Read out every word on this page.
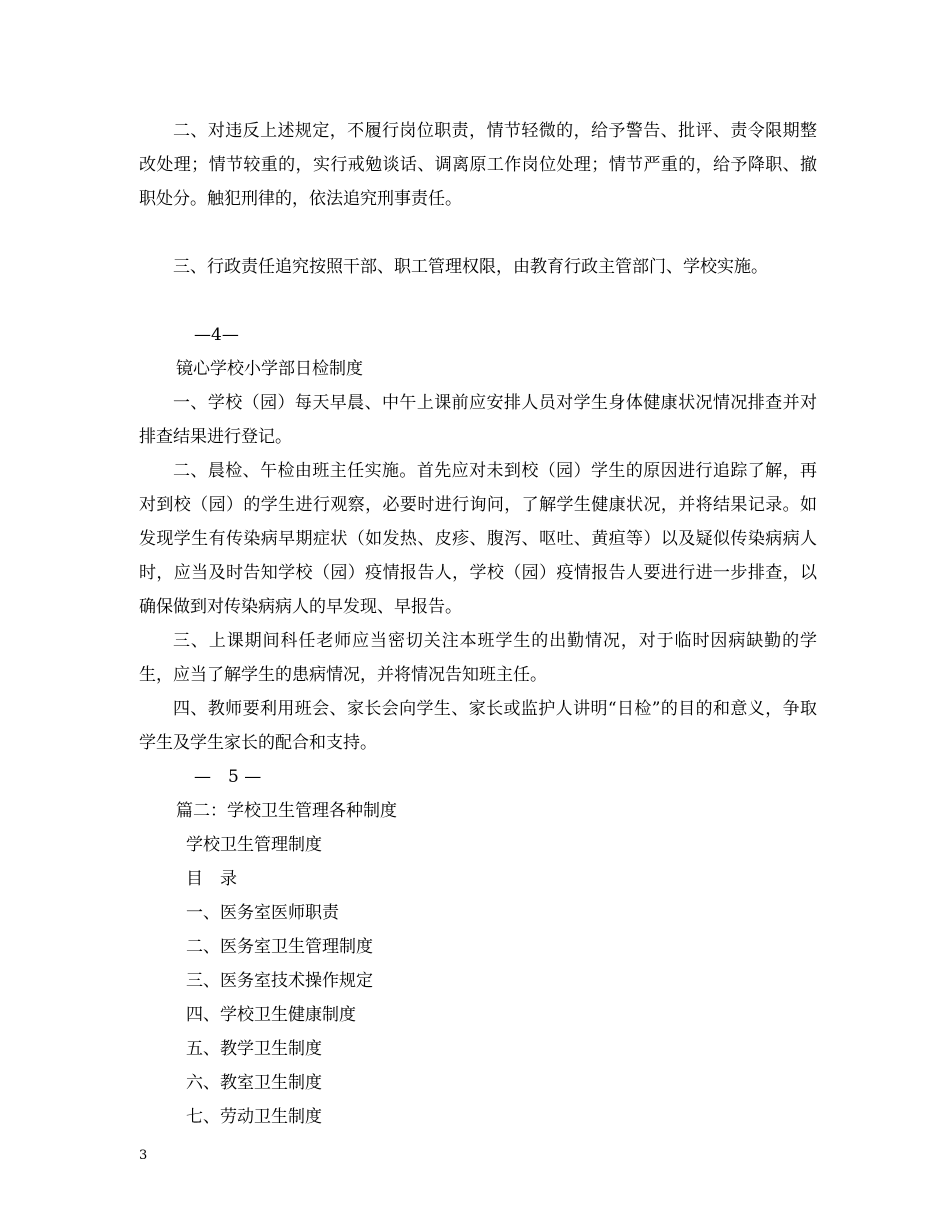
二、对违反上述规定，不履行岗位职责，情节轻微的，给予警告、批评、责令限期整改处理；情节较重的，实行戒勉谈话、调离原工作岗位处理；情节严重的，给予降职、撤职处分。触犯刑律的，依法追究刑事责任。

三、行政责任追究按照干部、职工管理权限，由教育行政主管部门、学校实施。

—4—
镜心学校小学部日检制度

一、学校（园）每天早晨、中午上课前应安排人员对学生身体健康状况情况排查并对排查结果进行登记。

二、晨检、午检由班主任实施。首先应对未到校（园）学生的原因进行追踪了解，再对到校（园）的学生进行观察，必要时进行询问，了解学生健康状况，并将结果记录。如发现学生有传染病早期症状（如发热、皮疹、腹泻、呕吐、黄疸等）以及疑似传染病病人时，应当及时告知学校（园）疫情报告人，学校（园）疫情报告人要进行进一步排查，以确保做到对传染病病人的早发现、早报告。

三、上课期间科任老师应当密切关注本班学生的出勤情况，对于临时因病缺勤的学生，应当了解学生的患病情况，并将情况告知班主任。

四、教师要利用班会、家长会向学生、家长或监护人讲明“日检”的目的和意义，争取学生及学生家长的配合和支持。

—　5 —
篇二：学校卫生管理各种制度
学校卫生管理制度
目　录
一、医务室医师职责
二、医务室卫生管理制度
三、医务室技术操作规定
四、学校卫生健康制度
五、教学卫生制度
六、教室卫生制度
七、劳动卫生制度
3
